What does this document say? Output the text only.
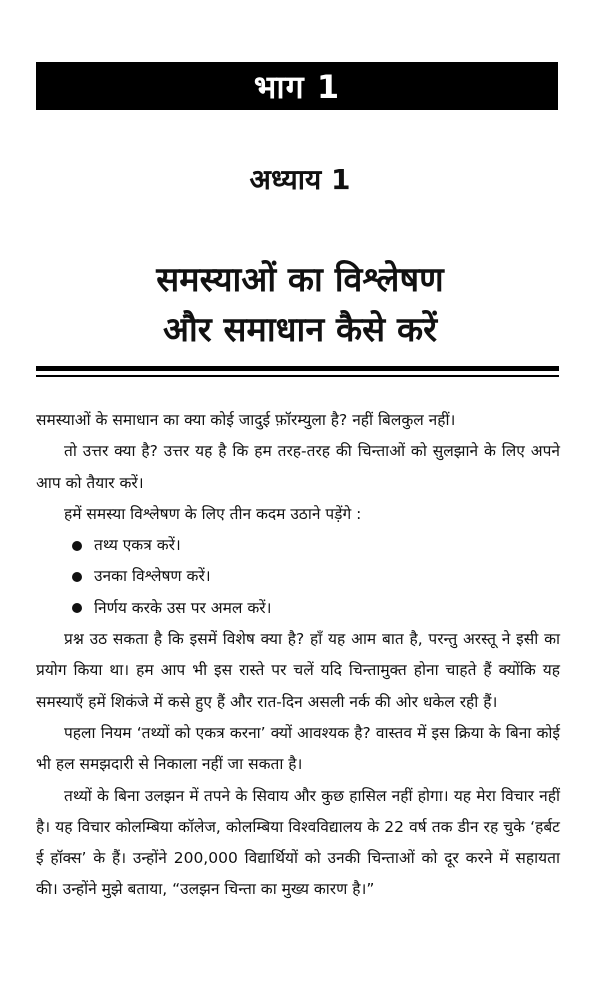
भाग 1
अध्याय 1
समस्याओं का विश्लेषण
और समाधान कैसे करें

समस्याओं के समाधान का क्या कोई जादुई फ़ॉरम्युला है? नहीं बिलकुल नहीं।

तो उत्तर क्या है? उत्तर यह है कि हम तरह-तरह की चिन्ताओं को सुलझाने के लिए अपने आप को तैयार करें।

हमें समस्या विश्लेषण के लिए तीन कदम उठाने पड़ेंगे :

तथ्य एकत्र करें।
उनका विश्लेषण करें।
निर्णय करके उस पर अमल करें।

प्रश्न उठ सकता है कि इसमें विशेष क्या है? हाँ यह आम बात है, परन्तु अरस्तू ने इसी का प्रयोग किया था। हम आप भी इस रास्ते पर चलें यदि चिन्तामुक्त होना चाहते हैं क्योंकि यह समस्याएँ हमें शिकंजे में कसे हुए हैं और रात-दिन असली नर्क की ओर धकेल रही हैं।

पहला नियम ‘तथ्यों को एकत्र करना’ क्यों आवश्यक है? वास्तव में इस क्रिया के बिना कोई भी हल समझदारी से निकाला नहीं जा सकता है।

तथ्यों के बिना उलझन में तपने के सिवाय और कुछ हासिल नहीं होगा। यह मेरा विचार नहीं है। यह विचार कोलम्बिया कॉलेज, कोलम्बिया विश्वविद्यालय के 22 वर्ष तक डीन रह चुके ‘हर्बट ई हॉक्स’ के हैं। उन्होंने 200,000 विद्यार्थियों को उनकी चिन्ताओं को दूर करने में सहायता की। उन्होंने मुझे बताया, “उलझन चिन्ता का मुख्य कारण है।”
